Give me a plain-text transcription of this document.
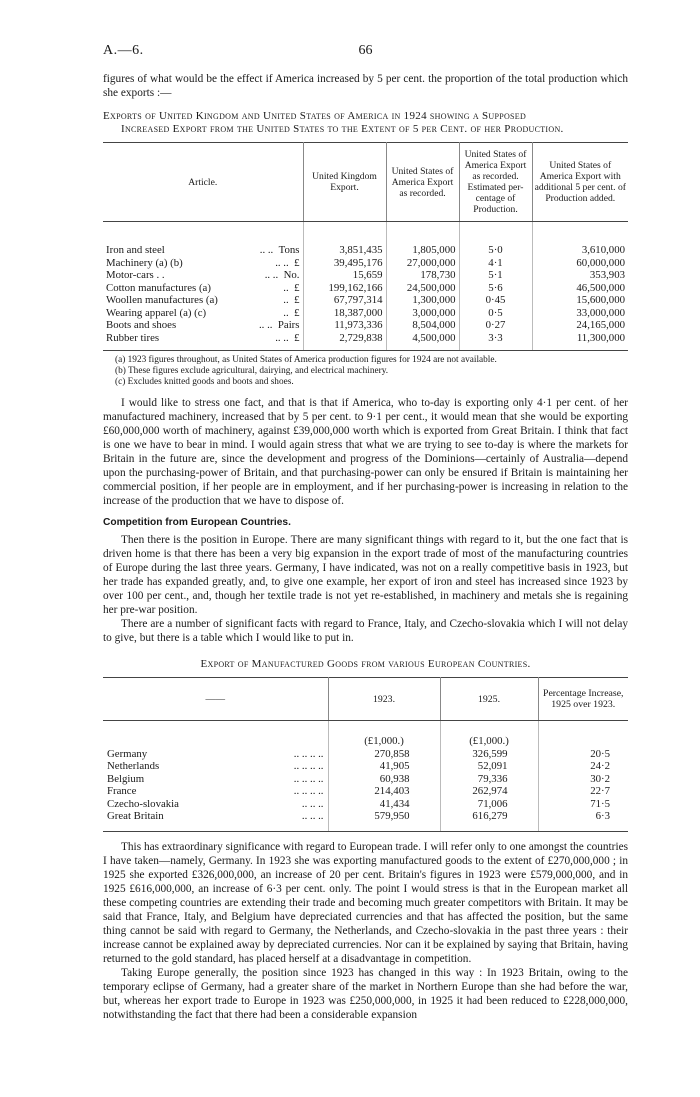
A.—6.	66

figures of what would be the effect if America increased by 5 per cent. the proportion of the total production which she exports :—

Exports of United Kingdom and United States of America in 1924 showing a Supposed
Increased Export from the United States to the Extent of 5 per Cent. of her Production.
Article.	United Kingdom Export.	United States of America Export as recorded.	United States of America Export as recorded. Estimated per-centage of Production.	United States of America Export with additional 5 per cent. of Production added.

Iron and steel .. .. Tons	3,851,435	1,805,000	5·0	3,610,000

Machinery (a) (b) .. .. £	39,495,176	27,000,000	4·1	60,000,000

Motor-cars . . .. .. No.	15,659	178,730	5·1	353,903

Cotton manufactures (a) .. £	199,162,166	24,500,000	5·6	46,500,000

Woollen manufactures (a) .. £	67,797,314	1,300,000	0·45	15,600,000

Wearing apparel (a) (c) .. £	18,387,000	3,000,000	0·5	33,000,000

Boots and shoes .. .. Pairs	11,973,336	8,504,000	0·27	24,165,000

Rubber tires .. .. £	2,729,838	4,500,000	3·3	11,300,000
(a) 1923 figures throughout, as United States of America production figures for 1924 are not available.
(b) These figures exclude agricultural, dairying, and electrical machinery.
(c) Excludes knitted goods and boots and shoes.

I would like to stress one fact, and that is that if America, who to-day is exporting only 4·1 per cent. of her manufactured machinery, increased that by 5 per cent. to 9·1 per cent., it would mean that she would be exporting £60,000,000 worth of machinery, against £39,000,000 worth which is exported from Great Britain. I think that fact is one we have to bear in mind. I would again stress that what we are trying to see to-day is where the markets for Britain in the future are, since the development and progress of the Dominions—certainly of Australia—depend upon the purchasing-power of Britain, and that purchasing-power can only be ensured if Britain is maintaining her commercial position, if her people are in employment, and if her purchasing-power is increasing in relation to the increase of the production that we have to dispose of.

Competition from European Countries.

Then there is the position in Europe. There are many significant things with regard to it, but the one fact that is driven home is that there has been a very big expansion in the export trade of most of the manufacturing countries of Europe during the last three years. Germany, I have indicated, was not on a really competitive basis in 1923, but her trade has expanded greatly, and, to give one example, her export of iron and steel has increased since 1923 by over 100 per cent., and, though her textile trade is not yet re-established, in machinery and metals she is regaining her pre-war position.

There are a number of significant facts with regard to France, Italy, and Czecho-slovakia which I will not delay to give, but there is a table which I would like to put in.

Export of Manufactured Goods from various European Countries.
——	1923.	1925.	Percentage Increase, 1925 over 1923.
	(£1,000.)	(£1,000.)	

Germany .. .. .. ..	270,858	326,599	20·5

Netherlands .. .. .. ..	41,905	52,091	24·2

Belgium .. .. .. ..	60,938	79,336	30·2

France .. .. .. ..	214,403	262,974	22·7

Czecho-slovakia .. .. ..	41,434	71,006	71·5

Great Britain .. .. ..	579,950	616,279	6·3

This has extraordinary significance with regard to European trade. I will refer only to one amongst the countries I have taken—namely, Germany. In 1923 she was exporting manufactured goods to the extent of £270,000,000 ; in 1925 she exported £326,000,000, an increase of 20 per cent. Britain's figures in 1923 were £579,000,000, and in 1925 £616,000,000, an increase of 6·3 per cent. only. The point I would stress is that in the European market all these competing countries are extending their trade and becoming much greater competitors with Britain. It may be said that France, Italy, and Belgium have depreciated currencies and that has affected the position, but the same thing cannot be said with regard to Germany, the Netherlands, and Czecho-slovakia in the past three years : their increase cannot be explained away by depreciated currencies. Nor can it be explained by saying that Britain, having returned to the gold standard, has placed herself at a disadvantage in competition.

Taking Europe generally, the position since 1923 has changed in this way : In 1923 Britain, owing to the temporary eclipse of Germany, had a greater share of the market in Northern Europe than she had before the war, but, whereas her export trade to Europe in 1923 was £250,000,000, in 1925 it had been reduced to £228,000,000, notwithstanding the fact that there had been a considerable expansion
